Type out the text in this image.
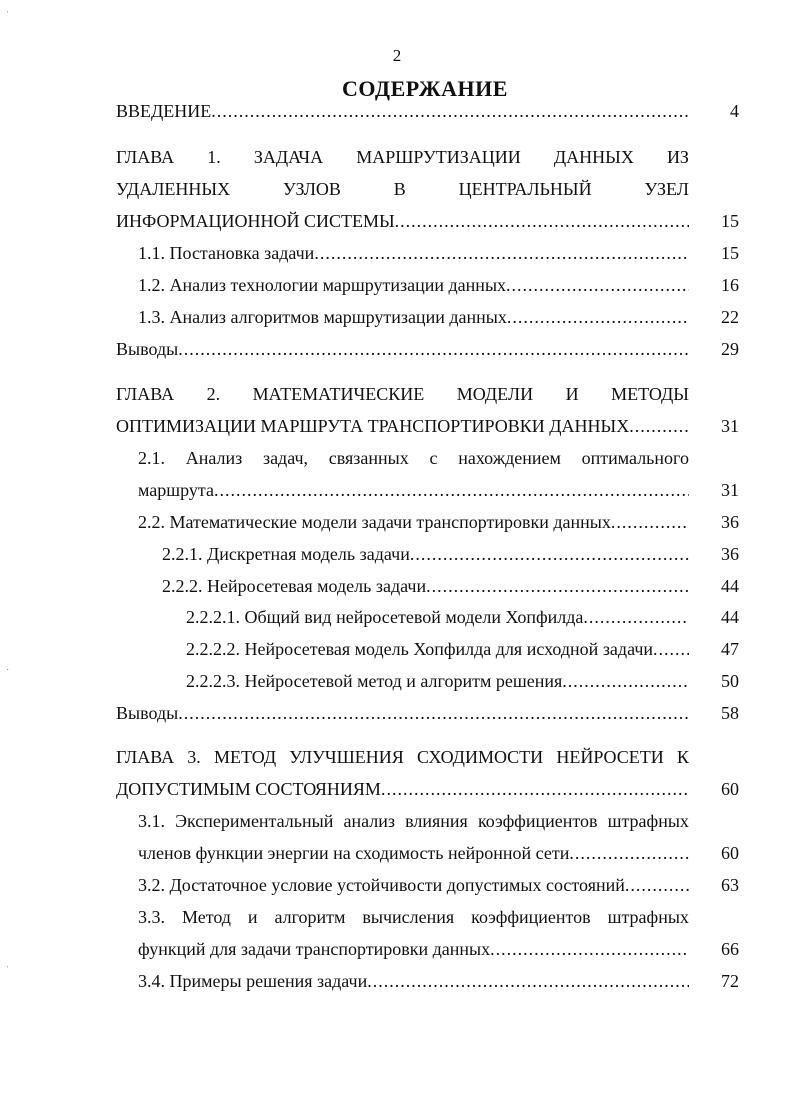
2
СОДЕРЖАНИЕ
ˈ
˙
ˈ
ВВЕДЕНИЕ .....	4
ГЛАВА 1. ЗАДАЧА МАРШРУТИЗАЦИИ ДАННЫХ ИЗ
УДАЛЕННЫХ	УЗЛОВ	В	ЦЕНТРАЛЬНЫЙ	УЗЕЛ
ИНФОРМАЦИОННОЙ СИСТЕМЫ .....	15
1.1. Постановка задачи .....	15
1.2. Анализ технологии маршрутизации данных .....	16
1.3. Анализ алгоритмов маршрутизации данных .....	22
Выводы .....	29
ГЛАВА 2. МАТЕМАТИЧЕСКИЕ МОДЕЛИ И МЕТОДЫ
ОПТИМИЗАЦИИ МАРШРУТА ТРАНСПОРТИРОВКИ ДАННЫХ .....	31
2.1. Анализ задач, связанных с нахождением оптимального
маршрута .....	31
2.2. Математические модели задачи транспортировки данных .....	36
2.2.1. Дискретная модель задачи .....	36
2.2.2. Нейросетевая модель задачи .....	44
2.2.2.1. Общий вид нейросетевой модели Хопфилда .....	44
2.2.2.2. Нейросетевая модель Хопфилда для исходной задачи .....	47
2.2.2.3. Нейросетевой метод и алгоритм решения .....	50
Выводы .....	58
ГЛАВА 3. МЕТОД УЛУЧШЕНИЯ СХОДИМОСТИ НЕЙРОСЕТИ К
ДОПУСТИМЫМ СОСТОЯНИЯМ .....	60
3.1. Экспериментальный анализ влияния коэффициентов штрафных
членов функции энергии на сходимость нейронной сети .....	60
3.2. Достаточное условие устойчивости допустимых состояний .....	63
3.3. Метод и алгоритм вычисления коэффициентов штрафных
функций для задачи транспортировки данных .....	66
3.4. Примеры решения задачи .....	72
